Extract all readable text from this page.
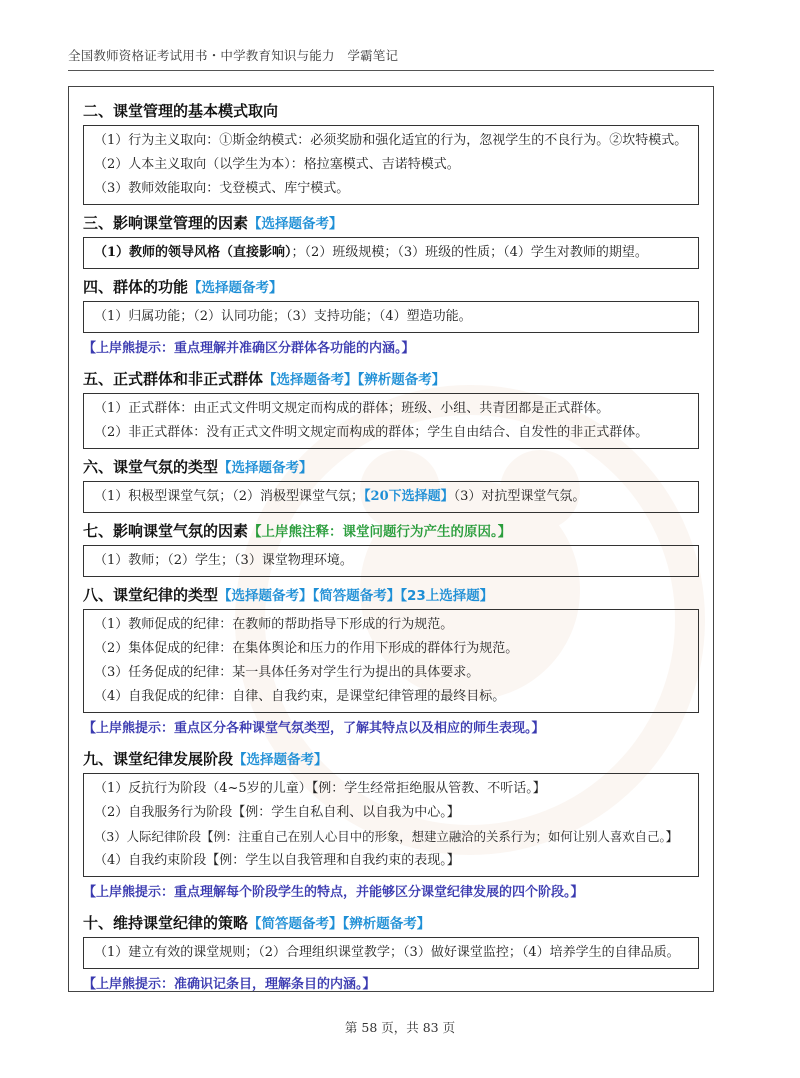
全国教师资格证考试用书・中学教育知识与能力　学霸笔记
二、课堂管理的基本模式取向
（1）行为主义取向：①斯金纳模式：必须奖励和强化适宜的行为，忽视学生的不良行为。②坎特模式。
（2）人本主义取向（以学生为本）：格拉塞模式、吉诺特模式。
（3）教师效能取向：戈登模式、库宁模式。
三、影响课堂管理的因素【选择题备考】
（1）教师的领导风格（直接影响）；（2）班级规模；（3）班级的性质；（4）学生对教师的期望。
四、群体的功能【选择题备考】
（1）归属功能；（2）认同功能；（3）支持功能；（4）塑造功能。
【上岸熊提示：重点理解并准确区分群体各功能的内涵。】
五、正式群体和非正式群体【选择题备考】【辨析题备考】
（1）正式群体：由正式文件明文规定而构成的群体；班级、小组、共青团都是正式群体。
（2）非正式群体：没有正式文件明文规定而构成的群体；学生自由结合、自发性的非正式群体。
六、课堂气氛的类型【选择题备考】
（1）积极型课堂气氛；（2）消极型课堂气氛；【20下选择题】（3）对抗型课堂气氛。
七、影响课堂气氛的因素【上岸熊注释：课堂问题行为产生的原因。】
（1）教师；（2）学生；（3）课堂物理环境。
八、课堂纪律的类型【选择题备考】【简答题备考】【23上选择题】
（1）教师促成的纪律：在教师的帮助指导下形成的行为规范。
（2）集体促成的纪律：在集体舆论和压力的作用下形成的群体行为规范。
（3）任务促成的纪律：某一具体任务对学生行为提出的具体要求。
（4）自我促成的纪律：自律、自我约束，是课堂纪律管理的最终目标。
【上岸熊提示：重点区分各种课堂气氛类型，了解其特点以及相应的师生表现。】
九、课堂纪律发展阶段【选择题备考】
（1）反抗行为阶段（4~5岁的儿童）【例：学生经常拒绝服从管教、不听话。】
（2）自我服务行为阶段【例：学生自私自利、以自我为中心。】
（3）人际纪律阶段【例：注重自己在别人心目中的形象，想建立融洽的关系行为；如何让别人喜欢自己。】
（4）自我约束阶段【例：学生以自我管理和自我约束的表现。】
【上岸熊提示：重点理解每个阶段学生的特点，并能够区分课堂纪律发展的四个阶段。】
十、维持课堂纪律的策略【简答题备考】【辨析题备考】
（1）建立有效的课堂规则；（2）合理组织课堂教学；（3）做好课堂监控；（4）培养学生的自律品质。
【上岸熊提示：准确识记条目，理解条目的内涵。】
第 58 页，共 83 页
